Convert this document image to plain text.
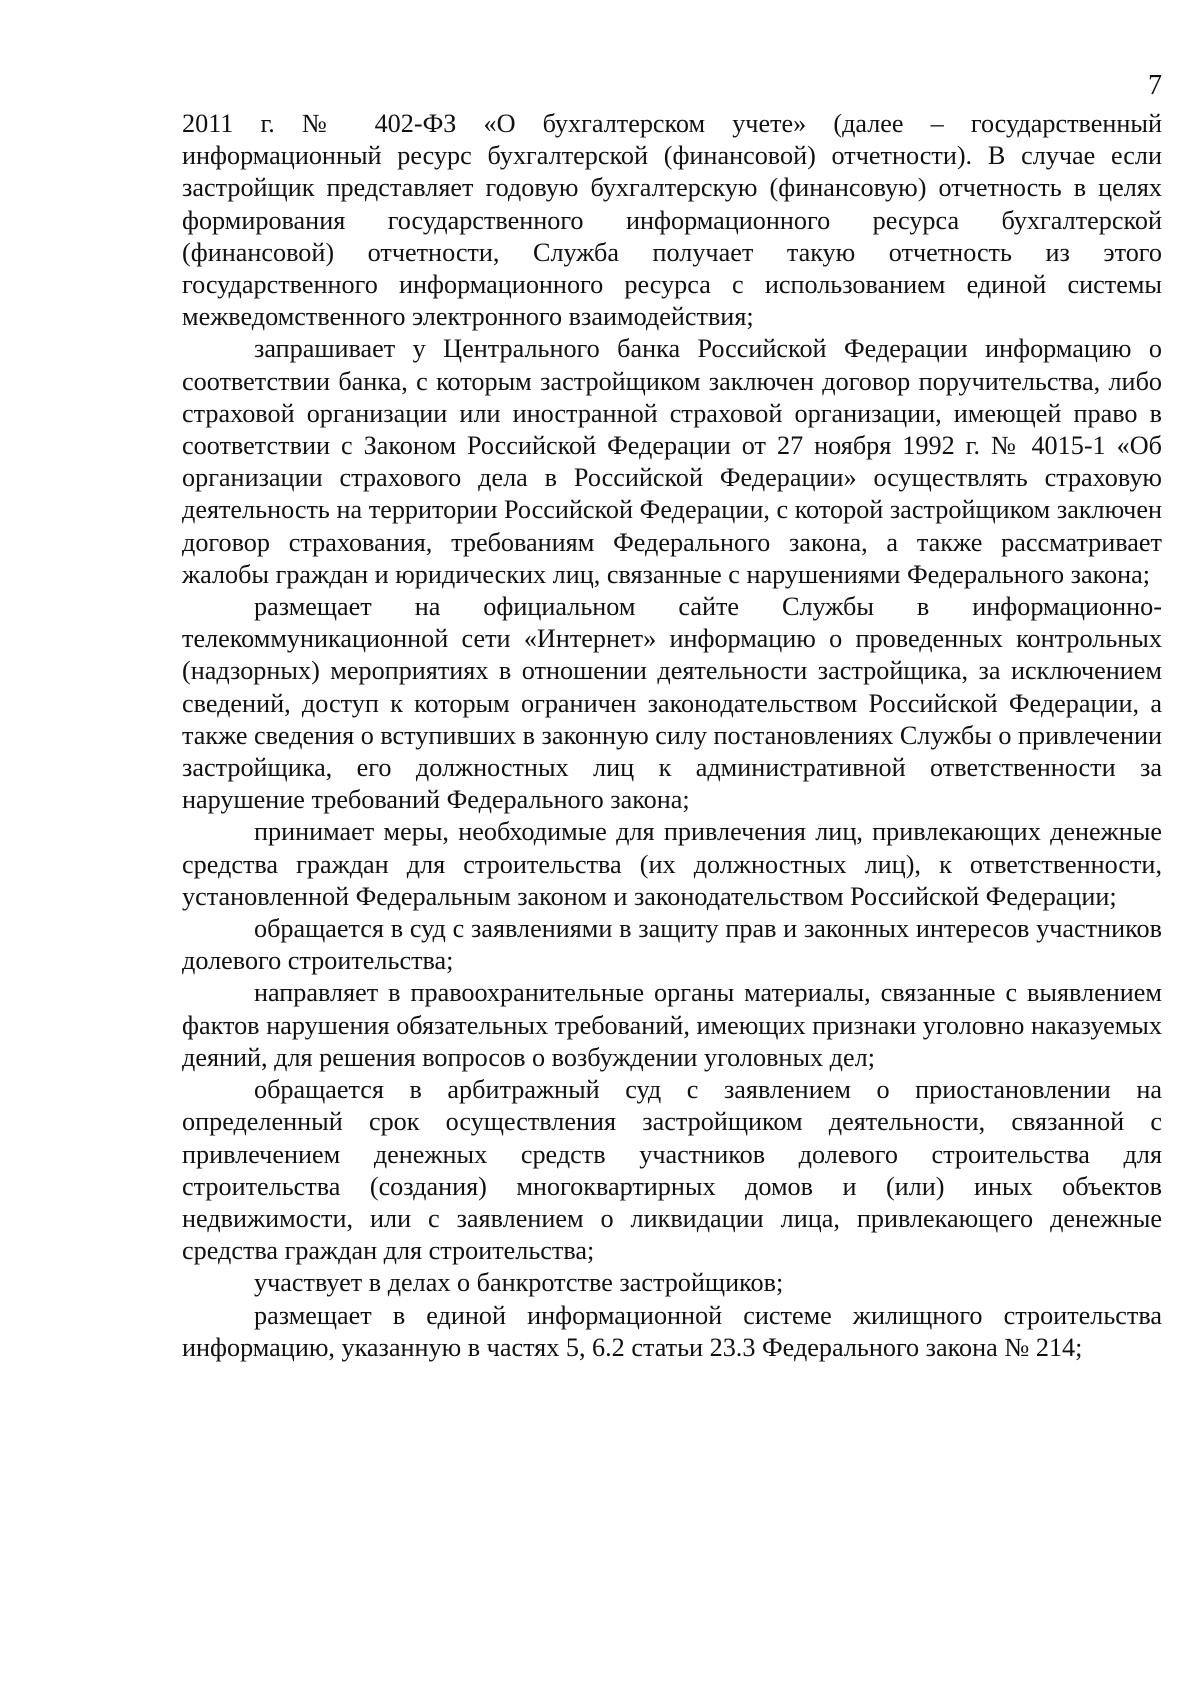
7

2011 г. № 402-ФЗ «О бухгалтерском учете» (далее – государственный информационный ресурс бухгалтерской (финансовой) отчетности). В случае если застройщик представляет годовую бухгалтерскую (финансовую) отчетность в целях формирования государственного информационного ресурса бухгалтерской (финансовой) отчетности, Служба получает такую отчетность из этого государственного информационного ресурса с использованием единой системы межведомственного электронного взаимодействия;

запрашивает у Центрального банка Российской Федерации информацию о соответствии банка, с которым застройщиком заключен договор поручительства, либо страховой организации или иностранной страховой организации, имеющей право в соответствии с Законом Российской Федерации от 27 ноября 1992 г. № 4015-1 «Об организации страхового дела в Российской Федерации» осуществлять страховую деятельность на территории Российской Федерации, с которой застройщиком заключен договор страхования, требованиям Федерального закона, а также рассматривает жалобы граждан и юридических лиц, связанные с нарушениями Федерального закона;

размещает на официальном сайте Службы в информационно-телекоммуникационной сети «Интернет» информацию о проведенных контрольных (надзорных) мероприятиях в отношении деятельности застройщика, за исключением сведений, доступ к которым ограничен законодательством Российской Федерации, а также сведения о вступивших в законную силу постановлениях Службы о привлечении застройщика, его должностных лиц к административной ответственности за нарушение требований Федерального закона;

принимает меры, необходимые для привлечения лиц, привлекающих денежные средства граждан для строительства (их должностных лиц), к ответственности, установленной Федеральным законом и законодательством Российской Федерации;

обращается в суд с заявлениями в защиту прав и законных интересов участников долевого строительства;

направляет в правоохранительные органы материалы, связанные с выявлением фактов нарушения обязательных требований, имеющих признаки уголовно наказуемых деяний, для решения вопросов о возбуждении уголовных дел;

обращается в арбитражный суд с заявлением о приостановлении на определенный срок осуществления застройщиком деятельности, связанной с привлечением денежных средств участников долевого строительства для строительства (создания) многоквартирных домов и (или) иных объектов недвижимости, или с заявлением о ликвидации лица, привлекающего денежные средства граждан для строительства;

участвует в делах о банкротстве застройщиков;

размещает в единой информационной системе жилищного строительства информацию, указанную в частях 5, 6.2 статьи 23.3 Федерального закона № 214;
